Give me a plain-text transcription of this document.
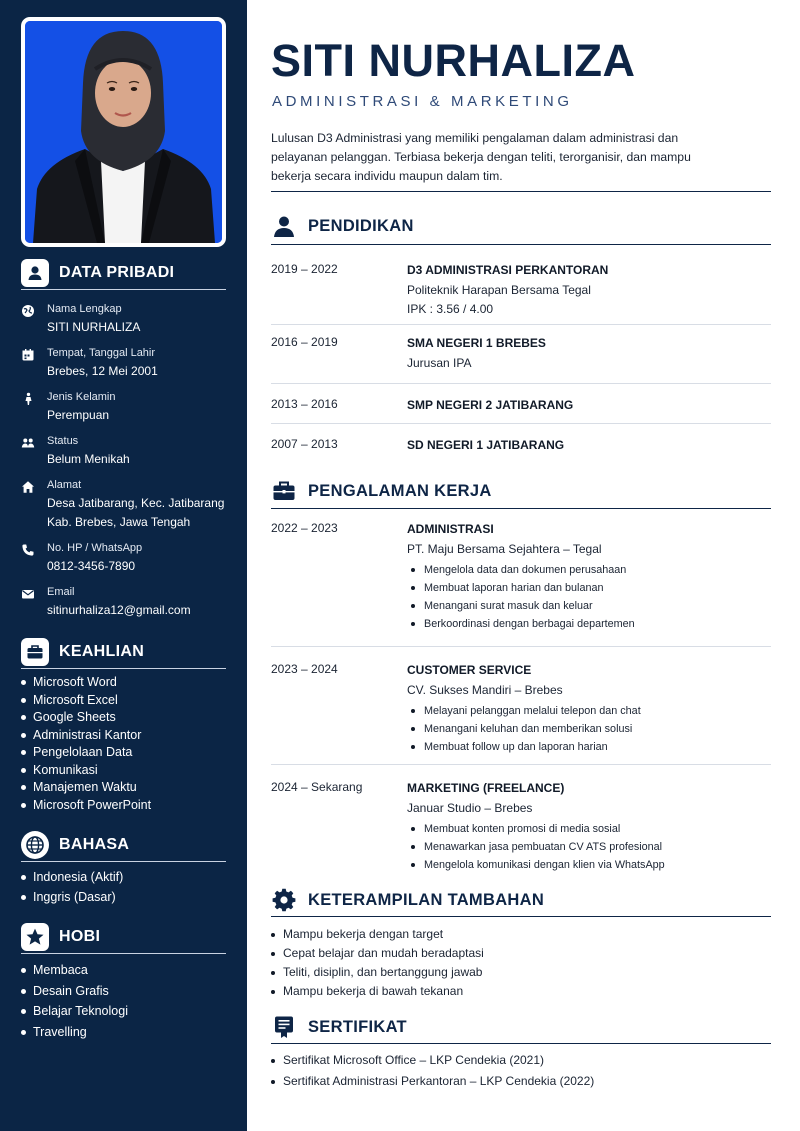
DATA PRIBADI
Nama Lengkap
SITI NURHALIZA
Tempat, Tanggal Lahir
Brebes, 12 Mei 2001
Jenis Kelamin
Perempuan
Status
Belum Menikah
Alamat
Desa Jatibarang, Kec. Jatibarang
Kab. Brebes, Jawa Tengah
No. HP / WhatsApp
0812-3456-7890
Email
sitinurhaliza12@gmail.com
KEAHLIAN
Microsoft Word
Microsoft Excel
Google Sheets
Administrasi Kantor
Pengelolaan Data
Komunikasi
Manajemen Waktu
Microsoft PowerPoint
BAHASA
Indonesia (Aktif)
Inggris (Dasar)
HOBI
Membaca
Desain Grafis
Belajar Teknologi
Travelling
SITI NURHALIZA
ADMINISTRASI & MARKETING

Lulusan D3 Administrasi yang memiliki pengalaman dalam administrasi dan pelayanan pelanggan. Terbiasa bekerja dengan teliti, terorganisir, dan mampu bekerja secara individu maupun dalam tim.

PENDIDIKAN
2019 – 2022	D3 ADMINISTRASI PERKANTORAN
Politeknik Harapan Bersama Tegal
IPK : 3.56 / 4.00
2016 – 2019	SMA NEGERI 1 BREBES
Jurusan IPA
2013 – 2016	SMP NEGERI 2 JATIBARANG
2007 – 2013	SD NEGERI 1 JATIBARANG
PENGALAMAN KERJA
2022 – 2023	ADMINISTRASI
PT. Maju Bersama Sejahtera – Tegal
Mengelola data dan dokumen perusahaan
Membuat laporan harian dan bulanan
Menangani surat masuk dan keluar
Berkoordinasi dengan berbagai departemen
2023 – 2024	CUSTOMER SERVICE
CV. Sukses Mandiri – Brebes
Melayani pelanggan melalui telepon dan chat
Menangani keluhan dan memberikan solusi
Membuat follow up dan laporan harian
2024 – Sekarang	MARKETING (FREELANCE)
Januar Studio – Brebes
Membuat konten promosi di media sosial
Menawarkan jasa pembuatan CV ATS profesional
Mengelola komunikasi dengan klien via WhatsApp
KETERAMPILAN TAMBAHAN
Mampu bekerja dengan target
Cepat belajar dan mudah beradaptasi
Teliti, disiplin, dan bertanggung jawab
Mampu bekerja di bawah tekanan
SERTIFIKAT
Sertifikat Microsoft Office – LKP Cendekia (2021)
Sertifikat Administrasi Perkantoran – LKP Cendekia (2022)
